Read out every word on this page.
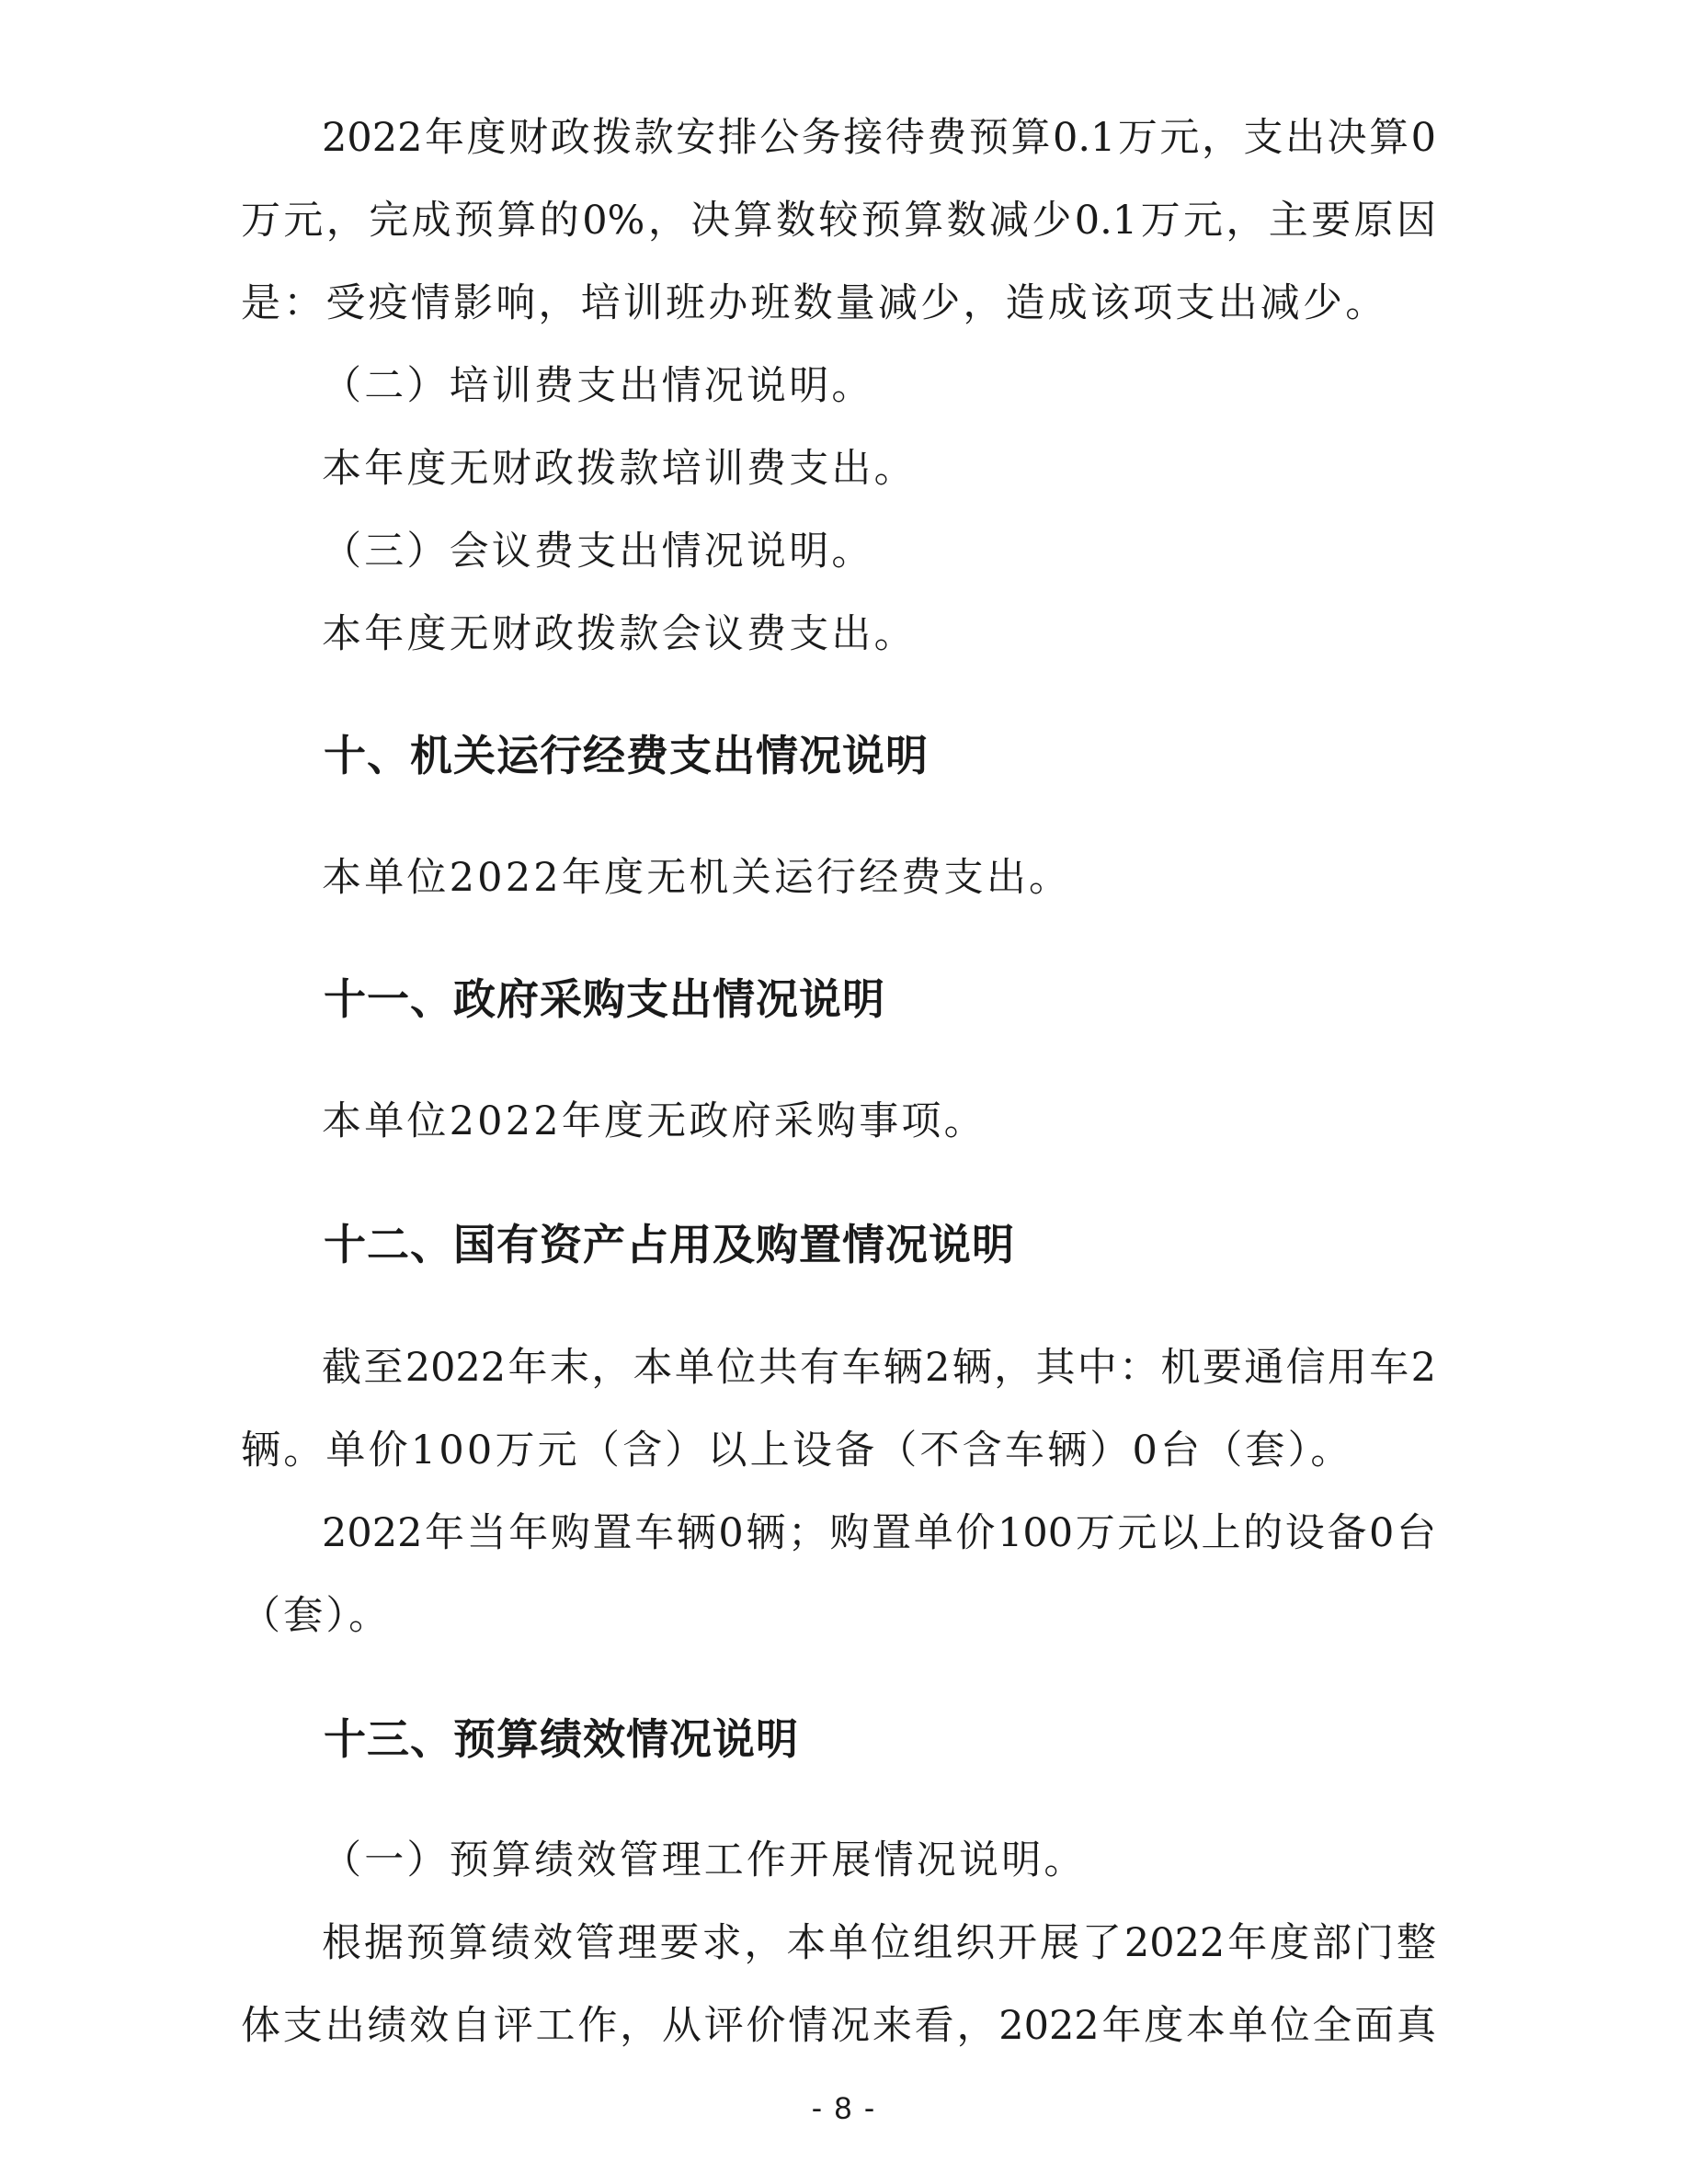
2022年度财政拨款安排公务接待费预算0.1万元，支出决算0
万元，完成预算的0%，决算数较预算数减少0.1万元，主要原因
是：受疫情影响，培训班办班数量减少，造成该项支出减少。
（二）培训费支出情况说明。
本年度无财政拨款培训费支出。
（三）会议费支出情况说明。
本年度无财政拨款会议费支出。
十、机关运行经费支出情况说明
本单位2022年度无机关运行经费支出。
十一、政府采购支出情况说明
本单位2022年度无政府采购事项。
十二、国有资产占用及购置情况说明
截至2022年末，本单位共有车辆2辆，其中：机要通信用车2
辆。单价100万元（含）以上设备（不含车辆）0台（套）。
2022年当年购置车辆0辆；购置单价100万元以上的设备0台
（套）。
十三、预算绩效情况说明
（一）预算绩效管理工作开展情况说明。
根据预算绩效管理要求，本单位组织开展了2022年度部门整
体支出绩效自评工作，从评价情况来看，2022年度本单位全面真
- 8 -
